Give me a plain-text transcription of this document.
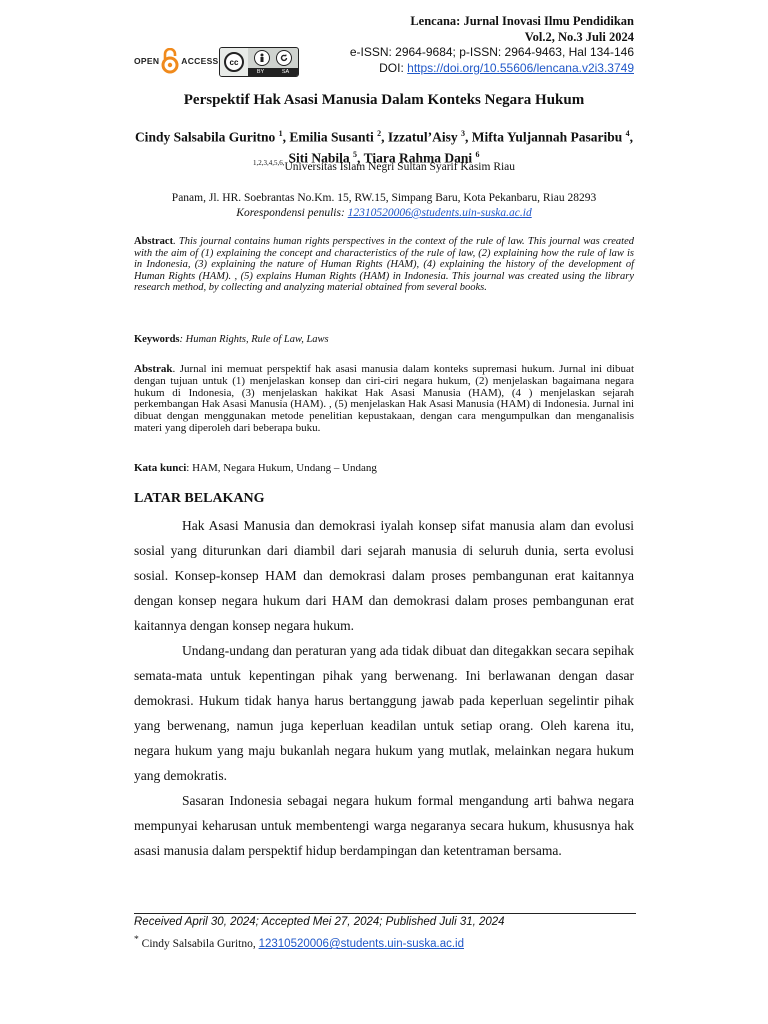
OPEN	ACCESS	cc
BY	SA
Lencana: Jurnal Inovasi Ilmu Pendidikan
Vol.2, No.3 Juli 2024
e-ISSN: 2964-9684; p-ISSN: 2964-9463, Hal 134-146
DOI: https://doi.org/10.55606/lencana.v2i3.3749
Perspektif Hak Asasi Manusia Dalam Konteks Negara Hukum
Cindy Salsabila Guritno $^1$, Emilia Susanti $^2$, Izzatul’Aisy $^3$, Mifta Yuljannah Pasaribu $^4$, Siti Nabila $^5$, Tiara Rahma Dani $^6$
$^{1,2,3,4,5,6,}$Universitas Islam Negri Sultan Syarif Kasim Riau
Panam, Jl. HR. Soebrantas No.Km. 15, RW.15, Simpang Baru, Kota Pekanbaru, Riau 28293
Korespondensi penulis: 12310520006@students.uin-suska.ac.id
Abstract. This journal contains human rights perspectives in the context of the rule of law. This journal was created with the aim of (1) explaining the concept and characteristics of the rule of law, (2) explaining how the rule of law is in Indonesia, (3) explaining the nature of Human Rights (HAM), (4) explaining the history of the development of Human Rights (HAM). , (5) explains Human Rights (HAM) in Indonesia. This journal was created using the library research method, by collecting and analyzing material obtained from several books.
Keywords: Human Rights, Rule of Law, Laws
Abstrak. Jurnal ini memuat perspektif hak asasi manusia dalam konteks supremasi hukum. Jurnal ini dibuat dengan tujuan untuk (1) menjelaskan konsep dan ciri-ciri negara hukum, (2) menjelaskan bagaimana negara hukum di Indonesia, (3) menjelaskan hakikat Hak Asasi Manusia (HAM), (4 ) menjelaskan sejarah perkembangan Hak Asasi Manusia (HAM). , (5) menjelaskan Hak Asasi Manusia (HAM) di Indonesia. Jurnal ini dibuat dengan menggunakan metode penelitian kepustakaan, dengan cara mengumpulkan dan menganalisis materi yang diperoleh dari beberapa buku.
Kata kunci: HAM, Negara Hukum, Undang – Undang
LATAR BELAKANG

Hak Asasi Manusia dan demokrasi iyalah konsep sifat manusia alam dan evolusi sosial yang diturunkan dari diambil dari sejarah manusia di seluruh dunia, serta evolusi sosial. Konsep-konsep HAM dan demokrasi dalam proses pembangunan erat kaitannya dengan konsep negara hukum dari HAM dan demokrasi dalam proses pembangunan erat kaitannya dengan konsep negara hukum.

Undang-undang dan peraturan yang ada tidak dibuat dan ditegakkan secara sepihak semata-mata untuk kepentingan pihak yang berwenang. Ini berlawanan dengan dasar demokrasi. Hukum tidak hanya harus bertanggung jawab pada keperluan segelintir pihak yang berwenang, namun juga keperluan keadilan untuk setiap orang. Oleh karena itu, negara hukum yang maju bukanlah negara hukum yang mutlak, melainkan negara hukum yang demokratis.

Sasaran Indonesia sebagai negara hukum formal mengandung arti bahwa negara mempunyai keharusan untuk membentengi warga negaranya secara hukum, khususnya hak asasi manusia dalam perspektif hidup berdampingan dan ketentraman bersama.

Received April 30, 2024; Accepted Mei 27, 2024; Published Juli 31, 2024
* Cindy Salsabila Guritno, 12310520006@students.uin-suska.ac.id
